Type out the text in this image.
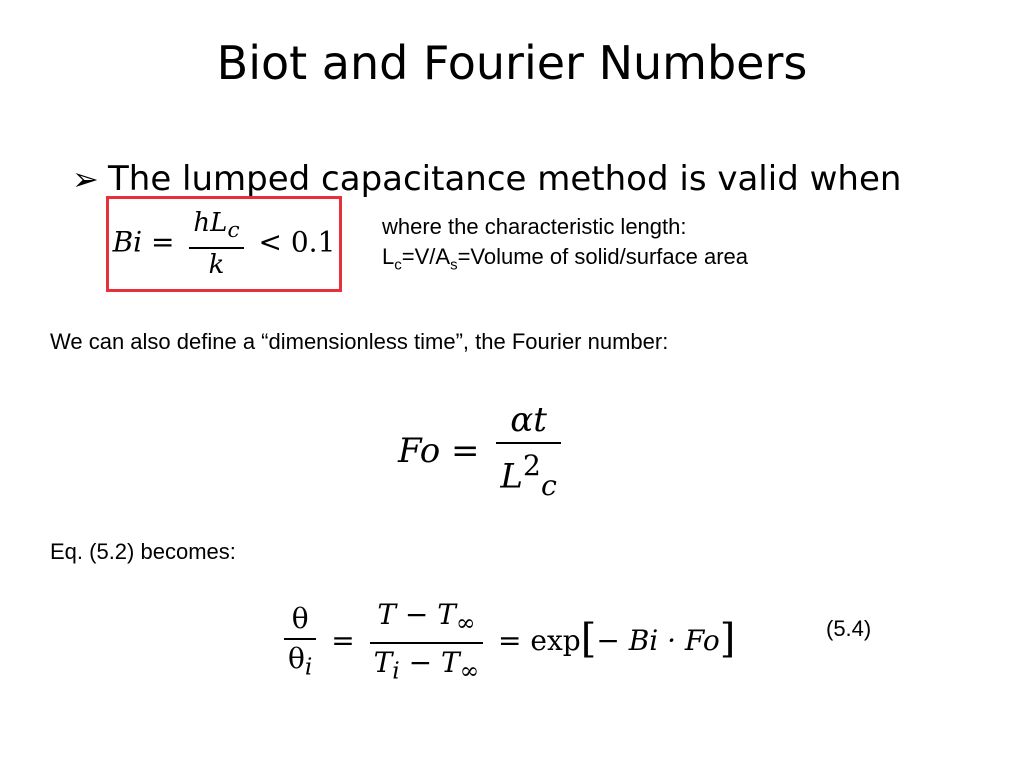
Biot and Fourier Numbers
➢ The lumped capacitance method is valid when
$Bi = \frac{hL_c}{k} < 0.1$ where the characteristic length:
$L_c=V/A_s=Volume$ of solid/surface area
We can also define a “dimensionless time”, the Fourier number:
$Fo = \frac{\alpha t}{L^2_c}$
Eq. (5.2) becomes:
$\frac{\theta}{\theta_i} = \frac{T - T_\infty}{T_i - T_\infty} = \exp[- Bi \cdot Fo]$	(5.4)
